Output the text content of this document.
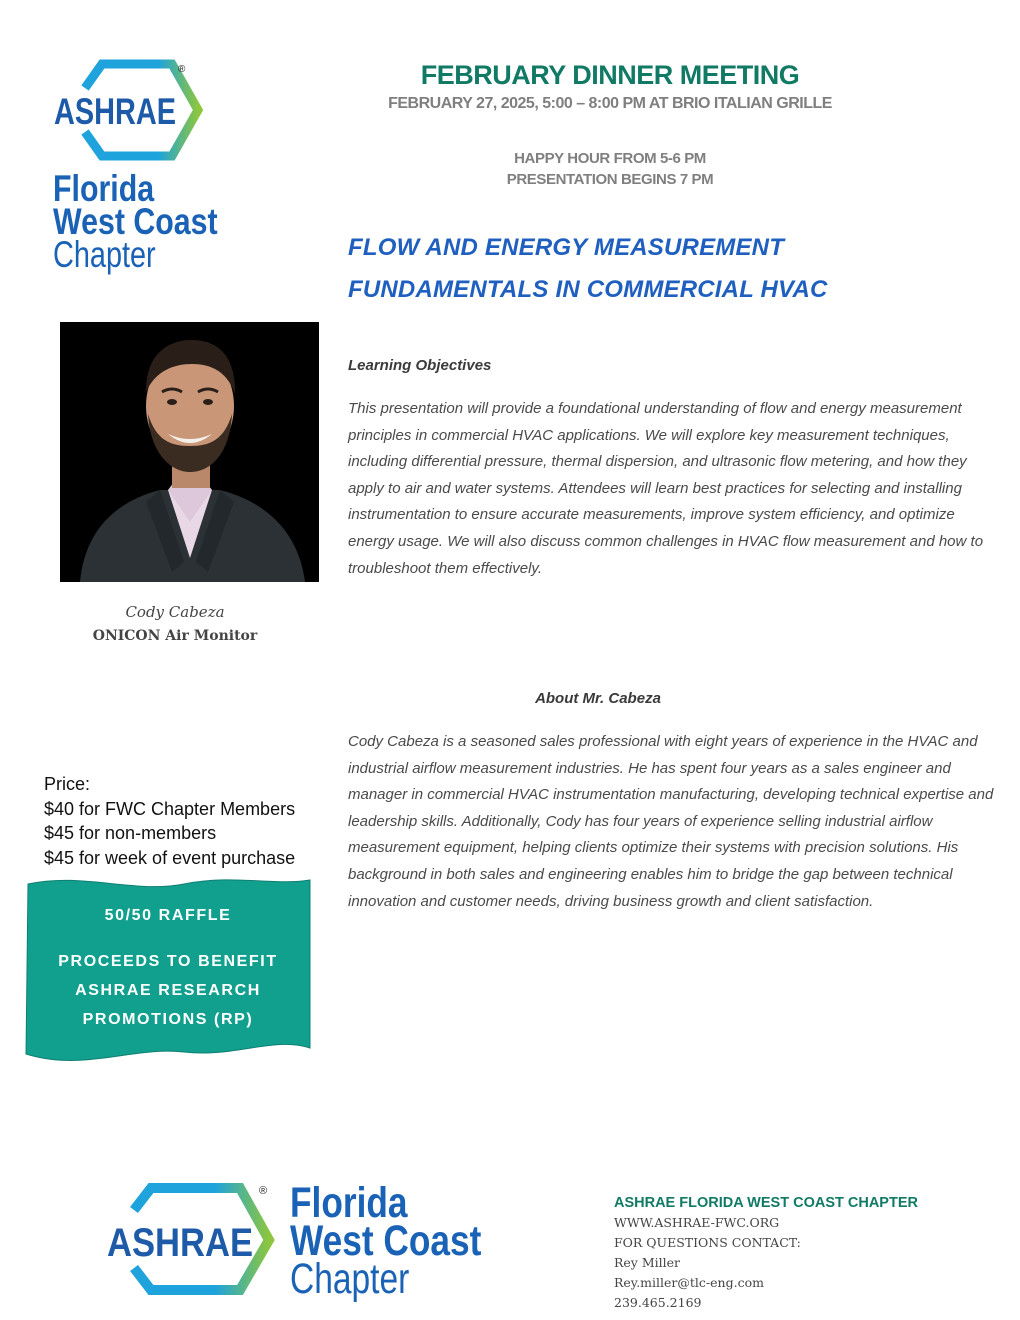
ASHRAE
®
Florida
West Coast
Chapter
FEBRUARY DINNER MEETING
FEBRUARY 27, 2025, 5:00 – 8:00 PM AT BRIO ITALIAN GRILLE
HAPPY HOUR FROM 5-6 PM
PRESENTATION BEGINS 7 PM
FLOW AND ENERGY MEASUREMENT
FUNDAMENTALS IN COMMERCIAL HVAC
Cody Cabeza
ONICON Air Monitor
Learning Objectives
This presentation will provide a foundational understanding of flow and energy measurement principles in commercial HVAC applications. We will explore key measurement techniques, including differential pressure, thermal dispersion, and ultrasonic flow metering, and how they apply to air and water systems. Attendees will learn best practices for selecting and installing instrumentation to ensure accurate measurements, improve system efficiency, and optimize energy usage. We will also discuss common challenges in HVAC flow measurement and how to troubleshoot them effectively.
About Mr. Cabeza
Cody Cabeza is a seasoned sales professional with eight years of experience in the HVAC and industrial airflow measurement industries. He has spent four years as a sales engineer and manager in commercial HVAC instrumentation manufacturing, developing technical expertise and leadership skills. Additionally, Cody has four years of experience selling industrial airflow measurement equipment, helping clients optimize their systems with precision solutions. His background in both sales and engineering enables him to bridge the gap between technical innovation and customer needs, driving business growth and client satisfaction.
Price:
$40 for FWC Chapter Members
$45 for non-members
$45 for week of event purchase
50/50 RAFFLE
PROCEEDS TO BENEFIT
ASHRAE RESEARCH
PROMOTIONS (RP)
ASHRAE
® Florida
West Coast
Chapter
ASHRAE FLORIDA WEST COAST CHAPTER
WWW.ASHRAE-FWC.ORG
FOR QUESTIONS CONTACT:
Rey Miller
Rey.miller@tlc-eng.com
239.465.2169
